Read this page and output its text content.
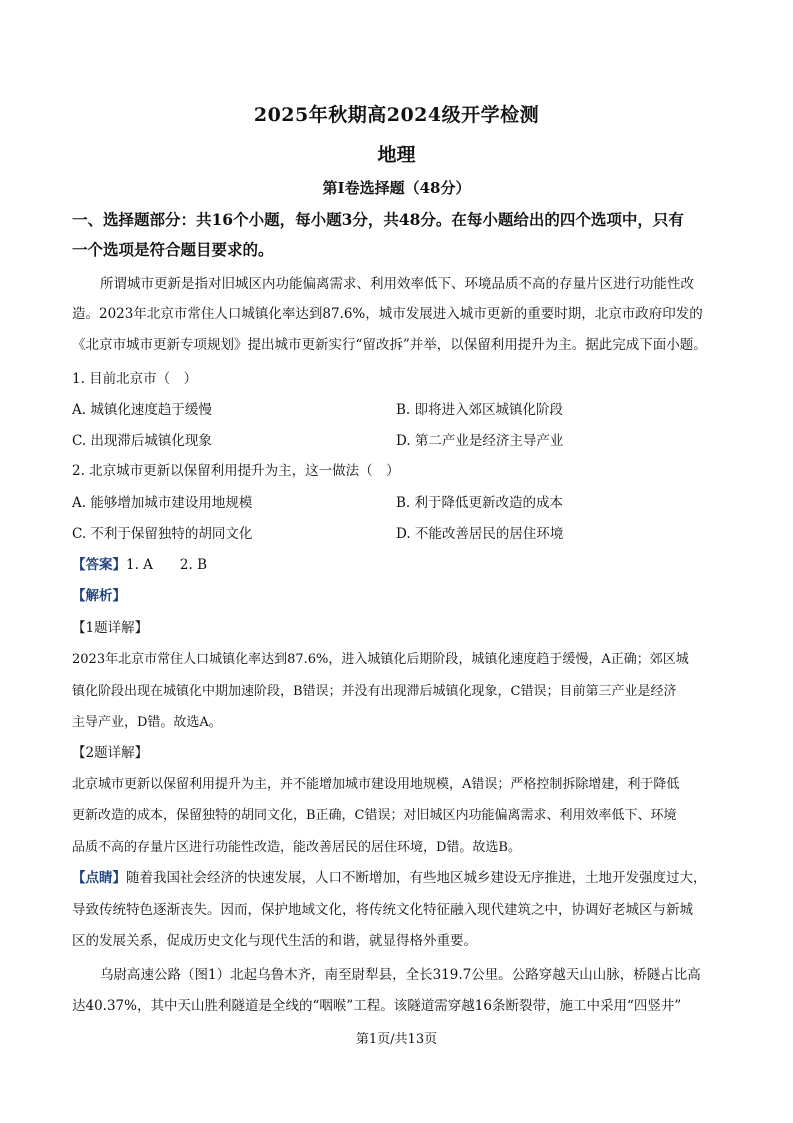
2025年秋期高2024级开学检测
地理
第I卷选择题（48分）
一、选择题部分：共16个小题，每小题3分，共48分。在每小题给出的四个选项中，只有
一个选项是符合题目要求的。
所谓城市更新是指对旧城区内功能偏离需求、利用效率低下、环境品质不高的存量片区进行功能性改
造。2023年北京市常住人口城镇化率达到87.6%，城市发展进入城市更新的重要时期，北京市政府印发的
《北京市城市更新专项规划》提出城市更新实行“留改拆”并举，以保留利用提升为主。据此完成下面小题。
1. 目前北京市（　）
A. 城镇化速度趋于缓慢	B. 即将进入郊区城镇化阶段
C. 出现滞后城镇化现象	D. 第二产业是经济主导产业
2. 北京城市更新以保留利用提升为主，这一做法（　）
A. 能够增加城市建设用地规模	B. 利于降低更新改造的成本
C. 不利于保留独特的胡同文化	D. 不能改善居民的居住环境
【答案】1. A　　2. B
【解析】
【1题详解】
2023年北京市常住人口城镇化率达到87.6%，进入城镇化后期阶段，城镇化速度趋于缓慢，A正确；郊区城
镇化阶段出现在城镇化中期加速阶段，B错误；并没有出现滞后城镇化现象，C错误；目前第三产业是经济
主导产业，D错。故选A。
【2题详解】
北京城市更新以保留利用提升为主，并不能增加城市建设用地规模，A错误；严格控制拆除增建，利于降低
更新改造的成本，保留独特的胡同文化，B正确，C错误；对旧城区内功能偏离需求、利用效率低下、环境
品质不高的存量片区进行功能性改造，能改善居民的居住环境，D错。故选B。
【点睛】随着我国社会经济的快速发展，人口不断增加，有些地区城乡建设无序推进，土地开发强度过大，
导致传统特色逐渐丧失。因而，保护地域文化，将传统文化特征融入现代建筑之中，协调好老城区与新城
区的发展关系，促成历史文化与现代生活的和谐，就显得格外重要。
乌尉高速公路（图1）北起乌鲁木齐，南至尉犁县，全长319.7公里。公路穿越天山山脉，桥隧占比高
达40.37%，其中天山胜利隧道是全线的“咽喉”工程。该隧道需穿越16条断裂带，施工中采用“四竖井”
第1页/共13页
